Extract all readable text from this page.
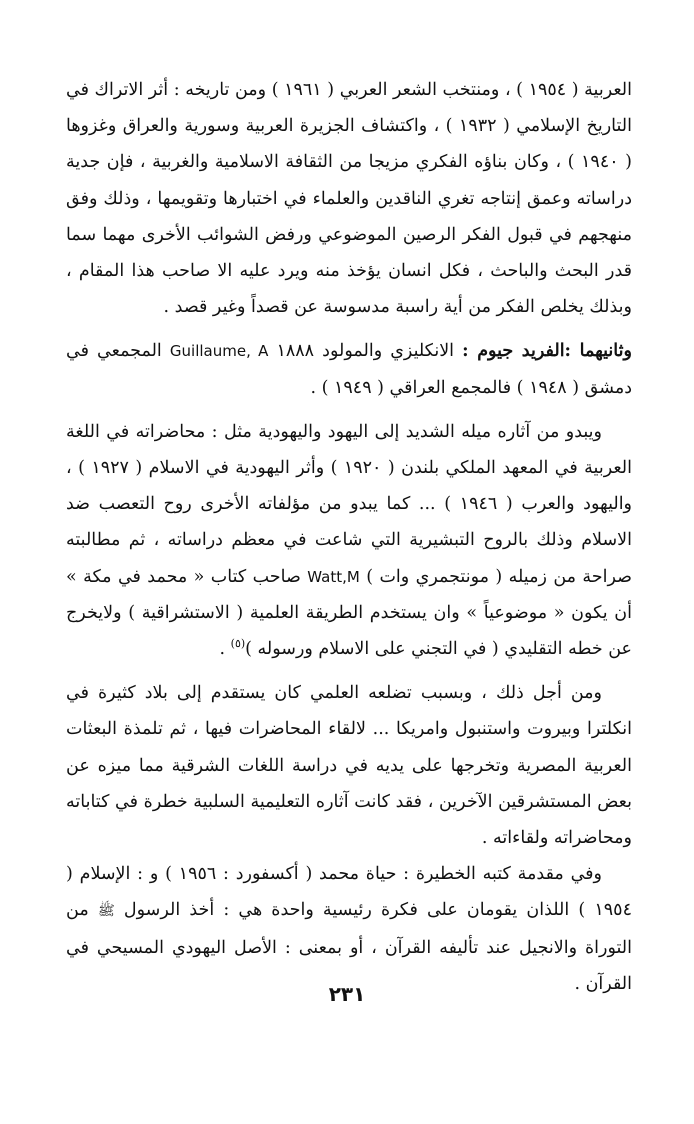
العربية ( ١٩٥٤ ) ، ومنتخب الشعر العربي ( ١٩٦١ ) ومن تاريخه : أثر الاتراك في التاريخ الإسلامي ( ١٩٣٢ ) ، واكتشاف الجزيرة العربية وسورية والعراق وغزوها ( ١٩٤٠ ) ، وكان بناؤه الفكري مزيجا من الثقافة الاسلامية والغربية ، فإن جدية دراساته وعمق إنتاجه تغري الناقدين والعلماء في اختبارها وتقويمها ، وذلك وفق منهجهم في قبول الفكر الرصين الموضوعي ورفض الشوائب الأخرى مهما سما قدر البحث والباحث ، فكل انسان يؤخذ منه ويرد عليه الا صاحب هذا المقام ، وبذلك يخلص الفكر من أية راسبة مدسوسة عن قصداً وغير قصد .

وثانيهما :الفريد جيوم : الانكليزي والمولود ١٨٨٨ Guillaume, A المجمعي في دمشق ( ١٩٤٨ ) فالمجمع العراقي ( ١٩٤٩ ) .

ويبدو من آثاره ميله الشديد إلى اليهود واليهودية مثل : محاضراته في اللغة العربية في المعهد الملكي بلندن ( ١٩٢٠ ) وأثر اليهودية في الاسلام ( ١٩٢٧ ) ، واليهود والعرب ( ١٩٤٦ ) ... كما يبدو من مؤلفاته الأخرى روح التعصب ضد الاسلام وذلك بالروح التبشيرية التي شاعت في معظم دراساته ، ثم مطالبته صراحة من زميله ( مونتجمري وات ) Watt,M صاحب كتاب « محمد في مكة » أن يكون « موضوعياً » وان يستخدم الطريقة العلمية ( الاستشراقية ) ولايخرج عن خطه التقليدي ( في التجني على الاسلام ورسوله )$^{(٥)}$ .

ومن أجل ذلك ، وبسبب تضلعه العلمي كان يستقدم إلى بلاد كثيرة في انكلترا وبيروت واستنبول وامريكا ... لالقاء المحاضرات فيها ، ثم تلمذة البعثات العربية المصرية وتخرجها على يديه في دراسة اللغات الشرقية مما ميزه عن بعض المستشرقين الآخرين ، فقد كانت آثاره التعليمية السلبية خطرة في كتاباته ومحاضراته ولقاءاته .

وفي مقدمة كتبه الخطيرة : حياة محمد ( أكسفورد : ١٩٥٦ ) و : الإسلام ( ١٩٥٤ ) اللذان يقومان على فكرة رئيسية واحدة هي : أخذ الرسول ﷺ من التوراة والانجيل عند تأليفه القرآن ، أو بمعنى : الأصل اليهودي المسيحي في القرآن .

٢٣١
